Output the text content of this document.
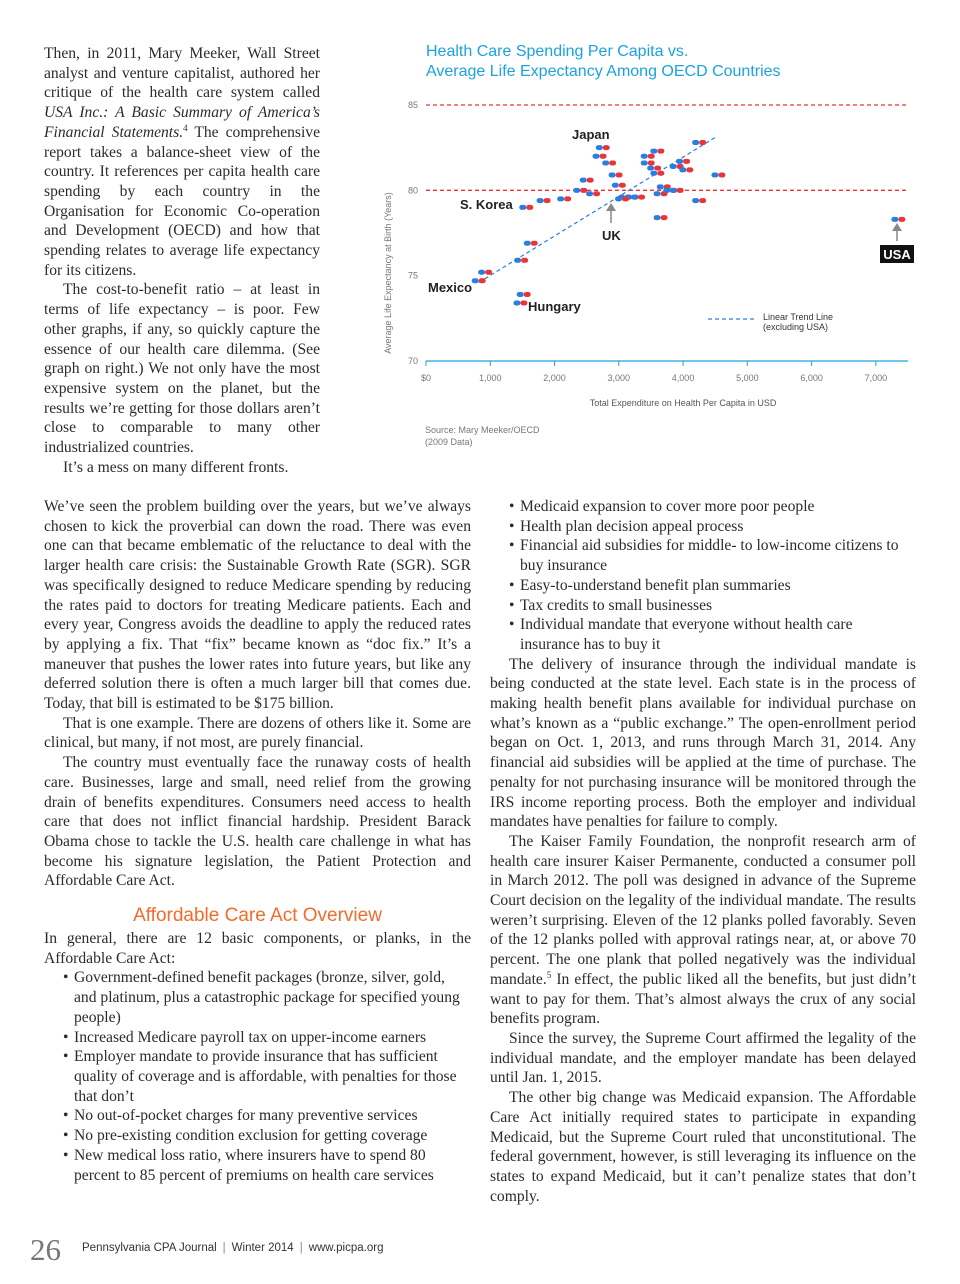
Then, in 2011, Mary Meeker, Wall Street analyst and venture capitalist, authored her critique of the health care system called USA Inc.: A Basic Summary of America’s Financial Statements.$^4$ The comprehensive report takes a balance-sheet view of the country. It references per capita health care spending by each country in the Organisation for Economic Co-operation and Development (OECD) and how that spending relates to average life expectancy for its citizens.

The cost-to-benefit ratio – at least in terms of life expectancy – is poor. Few other graphs, if any, so quickly capture the essence of our health care dilemma. (See graph on right.) We not only have the most expensive system on the planet, but the results we’re getting for those dollars aren’t close to comparable to many other industrialized countries.

It’s a mess on many different fronts.

Health Care Spending Per Capita vs.
Average Life Expectancy Among OECD Countries
70
75
80
85
$0	1,000	2,000	3,000	4,000	5,000	6,000	7,000
Total Expenditure on Health Per Capita in USD
Average Life Expectancy at Birth (Years)	Linear Trend Line
(excluding USA)
Japan
S. Korea
Mexico
Hungary
UK
USA
Source: Mary Meeker/OECD
(2009 Data)

We’ve seen the problem building over the years, but we’ve always chosen to kick the proverbial can down the road. There was even one can that became emblematic of the reluctance to deal with the larger health care crisis: the Sustainable Growth Rate (SGR). SGR was specifically designed to reduce Medicare spending by reducing the rates paid to doctors for treating Medicare patients. Each and every year, Congress avoids the deadline to apply the reduced rates by applying a fix. That “fix” became known as “doc fix.” It’s a maneuver that pushes the lower rates into future years, but like any deferred solution there is often a much larger bill that comes due. Today, that bill is estimated to be $175 billion.

That is one example. There are dozens of others like it. Some are clinical, but many, if not most, are purely financial.

The country must eventually face the runaway costs of health care. Businesses, large and small, need relief from the growing drain of benefits expenditures. Consumers need access to health care that does not inflict financial hardship. President Barack Obama chose to tackle the U.S. health care challenge in what has become his signature legislation, the Patient Protection and Affordable Care Act.

Affordable Care Act Overview

In general, there are 12 basic components, or planks, in the Affordable Care Act:

• Government-defined benefit packages (bronze, silver, gold, and platinum, plus a catastrophic package for specified young people)
• Increased Medicare payroll tax on upper-income earners
• Employer mandate to provide insurance that has sufficient quality of coverage and is affordable, with penalties for those that don’t
• No out-of-pocket charges for many preventive services
• No pre-existing condition exclusion for getting coverage
• New medical loss ratio, where insurers have to spend 80 percent to 85 percent of premiums on health care services
• Medicaid expansion to cover more poor people
• Health plan decision appeal process
• Financial aid subsidies for middle- to low-income citizens to buy insurance
• Easy-to-understand benefit plan summaries
• Tax credits to small businesses
• Individual mandate that everyone without health care insurance has to buy it

The delivery of insurance through the individual mandate is being conducted at the state level. Each state is in the process of making health benefit plans available for individual purchase on what’s known as a “public exchange.” The open-enrollment period began on Oct. 1, 2013, and runs through March 31, 2014. Any financial aid subsidies will be applied at the time of purchase. The penalty for not purchasing insurance will be monitored through the IRS income reporting process. Both the employer and individual mandates have penalties for failure to comply.

The Kaiser Family Foundation, the nonprofit research arm of health care insurer Kaiser Permanente, conducted a consumer poll in March 2012. The poll was designed in advance of the Supreme Court decision on the legality of the individual mandate. The results weren’t surprising. Eleven of the 12 planks polled favorably. Seven of the 12 planks polled with approval ratings near, at, or above 70 percent. The one plank that polled negatively was the individual mandate.$^5$ In effect, the public liked all the benefits, but just didn’t want to pay for them. That’s almost always the crux of any social benefits program.

Since the survey, the Supreme Court affirmed the legality of the individual mandate, and the employer mandate has been delayed until Jan. 1, 2015.

The other big change was Medicaid expansion. The Affordable Care Act initially required states to participate in expanding Medicaid, but the Supreme Court ruled that unconstitutional. The federal government, however, is still leveraging its influence on the states to expand Medicaid, but it can’t penalize states that don’t comply.

26 Pennsylvania CPA Journal | Winter 2014 | www.picpa.org
